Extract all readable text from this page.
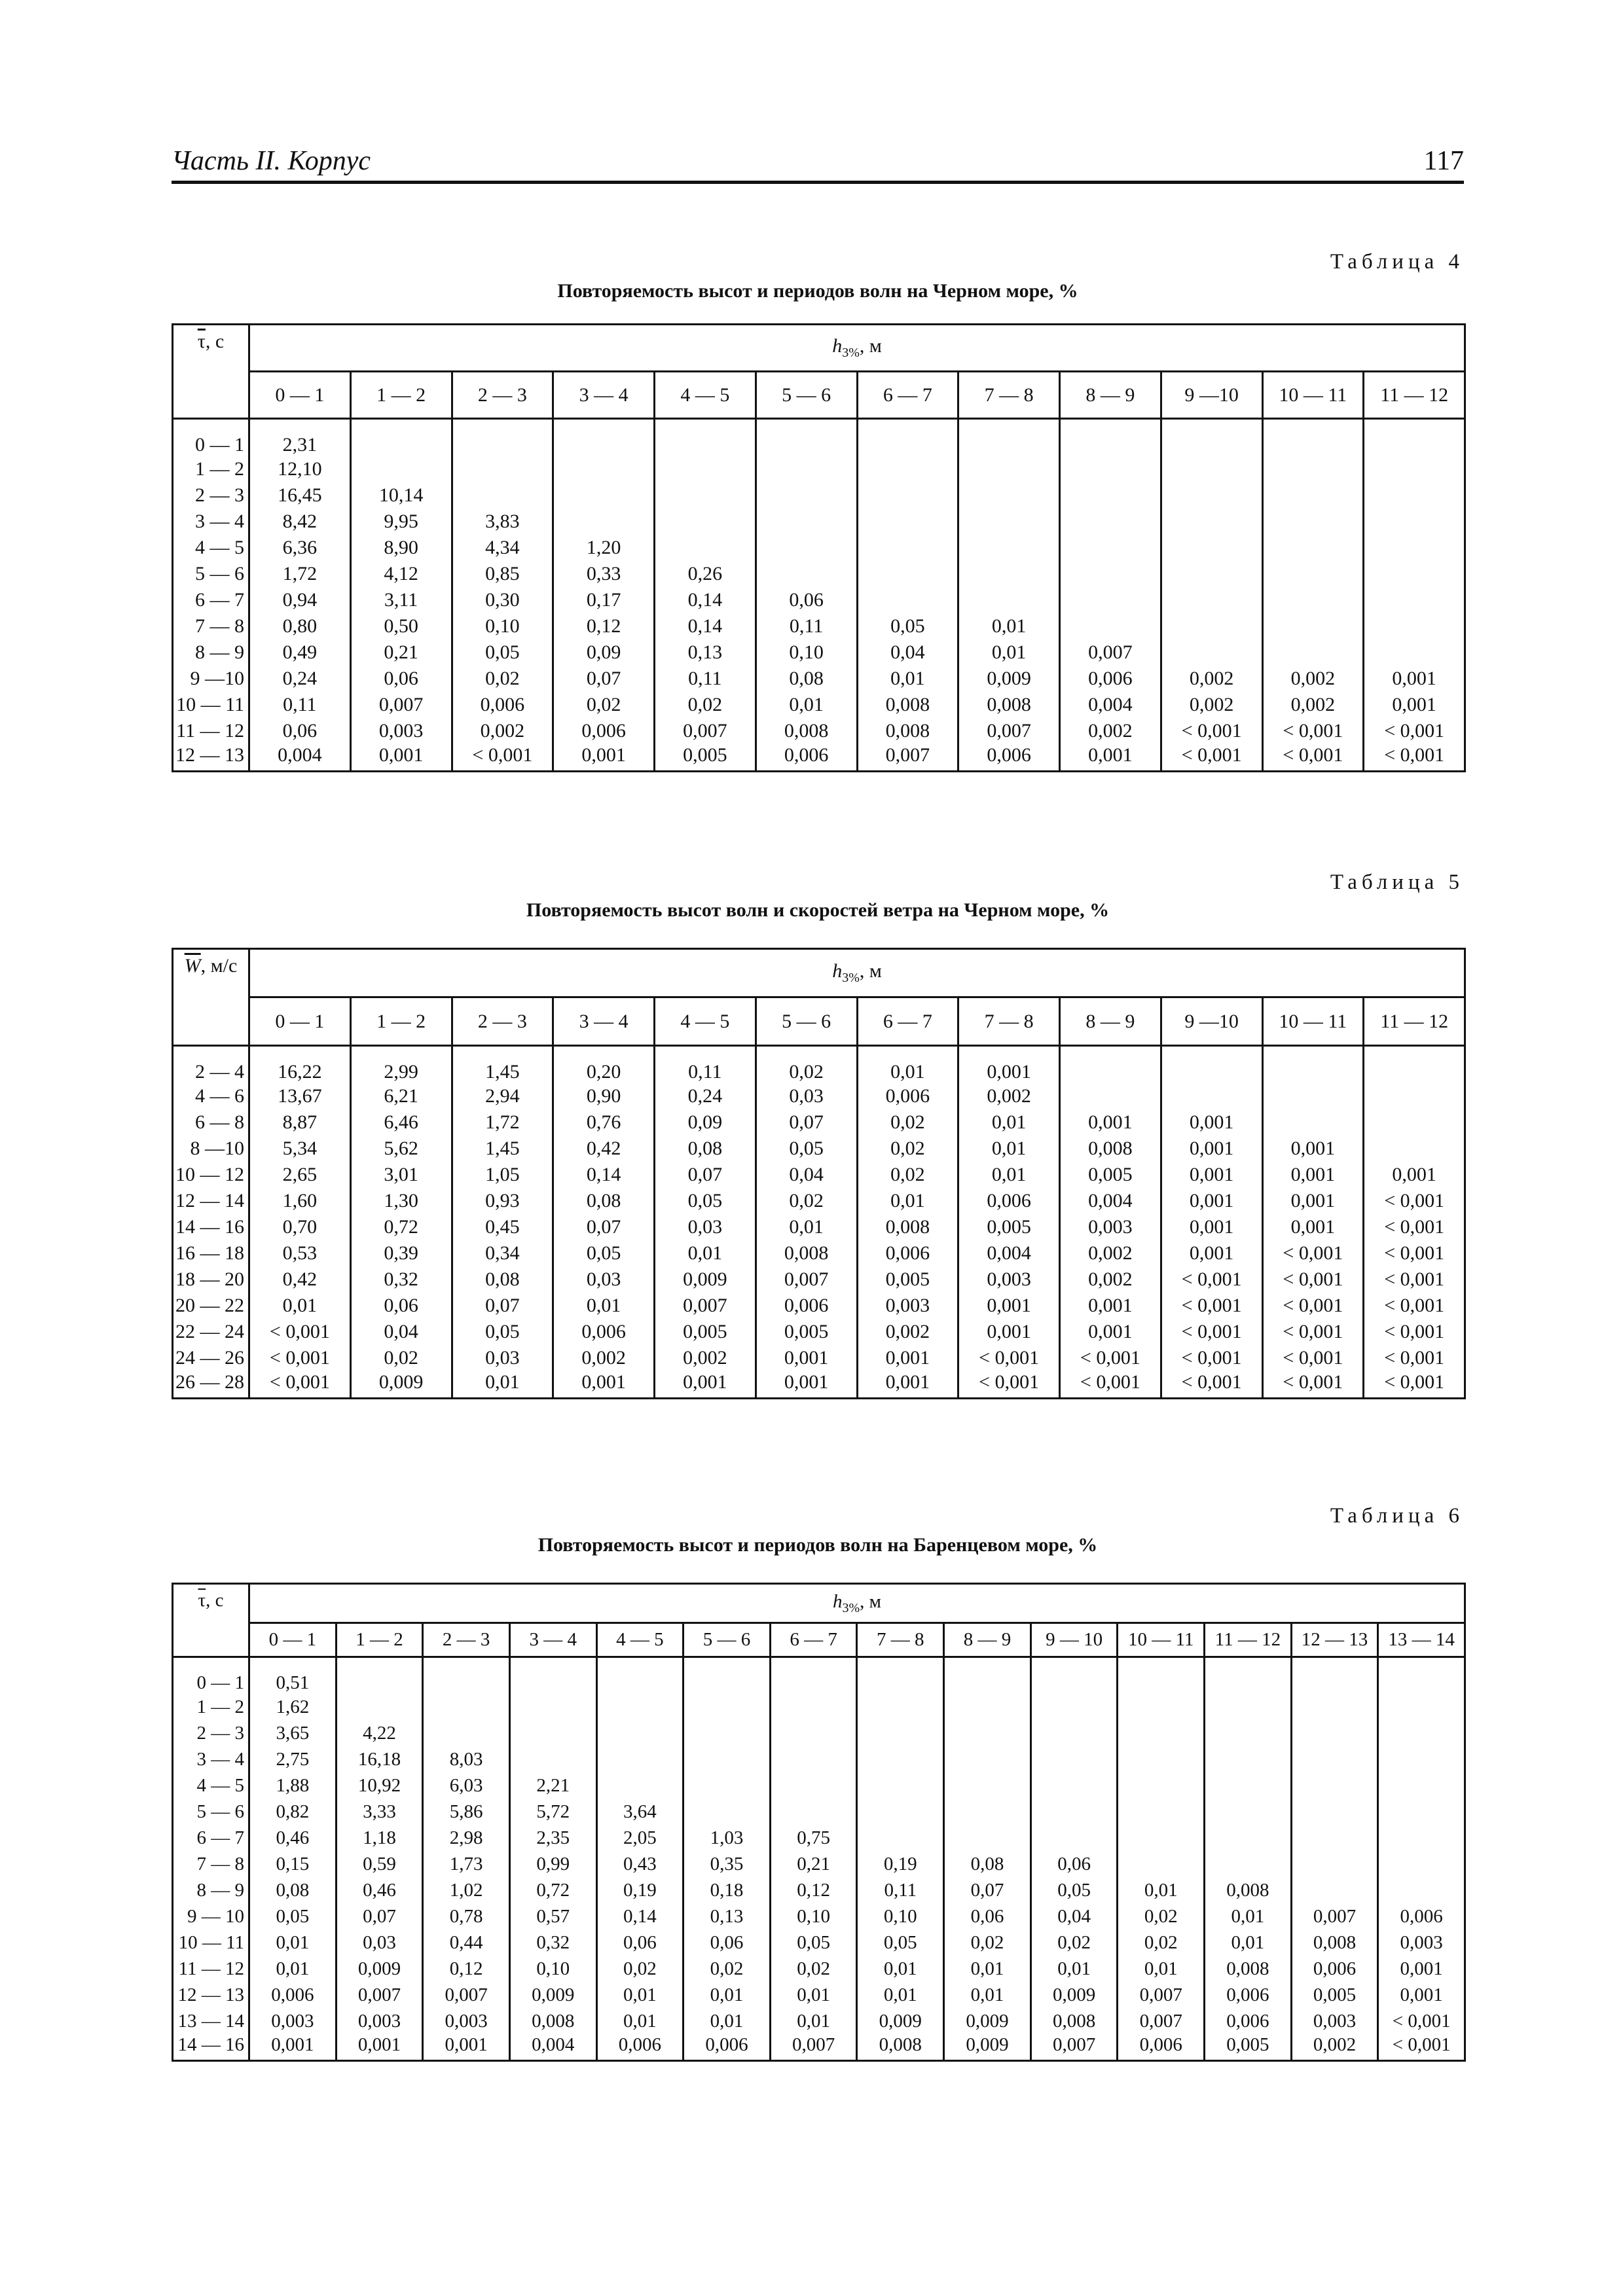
Часть II. Корпус	117
Таблица 4
Повторяемость высот и периодов волн на Черном море, %
$\overline{\tau}$, с	$h_{3\%}$, м											
	0 — 1	1 — 2	2 — 3	3 — 4	4 — 5	5 — 6	6 — 7	7 — 8	8 — 9	9 —10	10 — 11	11 — 12
0 — 1	2,31											
1 — 2	12,10											
2 — 3	16,45	10,14										
3 — 4	8,42	9,95	3,83									
4 — 5	6,36	8,90	4,34	1,20								
5 — 6	1,72	4,12	0,85	0,33	0,26							
6 — 7	0,94	3,11	0,30	0,17	0,14	0,06						
7 — 8	0,80	0,50	0,10	0,12	0,14	0,11	0,05	0,01				
8 — 9	0,49	0,21	0,05	0,09	0,13	0,10	0,04	0,01	0,007			
9 —10	0,24	0,06	0,02	0,07	0,11	0,08	0,01	0,009	0,006	0,002	0,002	0,001
10 — 11	0,11	0,007	0,006	0,02	0,02	0,01	0,008	0,008	0,004	0,002	0,002	0,001
11 — 12	0,06	0,003	0,002	0,006	0,007	0,008	0,008	0,007	0,002	< 0,001	< 0,001	< 0,001
12 — 13	0,004	0,001	< 0,001	0,001	0,005	0,006	0,007	0,006	0,001	< 0,001	< 0,001	< 0,001
Таблица 5
Повторяемость высот волн и скоростей ветра на Черном море, %
$\overline{W}$, м/с	$h_{3\%}$, м											
	0 — 1	1 — 2	2 — 3	3 — 4	4 — 5	5 — 6	6 — 7	7 — 8	8 — 9	9 —10	10 — 11	11 — 12
2 — 4	16,22	2,99	1,45	0,20	0,11	0,02	0,01	0,001				
4 — 6	13,67	6,21	2,94	0,90	0,24	0,03	0,006	0,002				
6 — 8	8,87	6,46	1,72	0,76	0,09	0,07	0,02	0,01	0,001	0,001		
8 —10	5,34	5,62	1,45	0,42	0,08	0,05	0,02	0,01	0,008	0,001	0,001	
10 — 12	2,65	3,01	1,05	0,14	0,07	0,04	0,02	0,01	0,005	0,001	0,001	0,001
12 — 14	1,60	1,30	0,93	0,08	0,05	0,02	0,01	0,006	0,004	0,001	0,001	< 0,001
14 — 16	0,70	0,72	0,45	0,07	0,03	0,01	0,008	0,005	0,003	0,001	0,001	< 0,001
16 — 18	0,53	0,39	0,34	0,05	0,01	0,008	0,006	0,004	0,002	0,001	< 0,001	< 0,001
18 — 20	0,42	0,32	0,08	0,03	0,009	0,007	0,005	0,003	0,002	< 0,001	< 0,001	< 0,001
20 — 22	0,01	0,06	0,07	0,01	0,007	0,006	0,003	0,001	0,001	< 0,001	< 0,001	< 0,001
22 — 24	< 0,001	0,04	0,05	0,006	0,005	0,005	0,002	0,001	0,001	< 0,001	< 0,001	< 0,001
24 — 26	< 0,001	0,02	0,03	0,002	0,002	0,001	0,001	< 0,001	< 0,001	< 0,001	< 0,001	< 0,001
26 — 28	< 0,001	0,009	0,01	0,001	0,001	0,001	0,001	< 0,001	< 0,001	< 0,001	< 0,001	< 0,001
Таблица 6
Повторяемость высот и периодов волн на Баренцевом море, %
$\overline{\tau}$, с	$h_{3\%}$, м													
	0 — 1	1 — 2	2 — 3	3 — 4	4 — 5	5 — 6	6 — 7	7 — 8	8 — 9	9 — 10	10 — 11	11 — 12	12 — 13	13 — 14
0 — 1	0,51													
1 — 2	1,62													
2 — 3	3,65	4,22												
3 — 4	2,75	16,18	8,03											
4 — 5	1,88	10,92	6,03	2,21										
5 — 6	0,82	3,33	5,86	5,72	3,64									
6 — 7	0,46	1,18	2,98	2,35	2,05	1,03	0,75							
7 — 8	0,15	0,59	1,73	0,99	0,43	0,35	0,21	0,19	0,08	0,06				
8 — 9	0,08	0,46	1,02	0,72	0,19	0,18	0,12	0,11	0,07	0,05	0,01	0,008		
9 — 10	0,05	0,07	0,78	0,57	0,14	0,13	0,10	0,10	0,06	0,04	0,02	0,01	0,007	0,006
10 — 11	0,01	0,03	0,44	0,32	0,06	0,06	0,05	0,05	0,02	0,02	0,02	0,01	0,008	0,003
11 — 12	0,01	0,009	0,12	0,10	0,02	0,02	0,02	0,01	0,01	0,01	0,01	0,008	0,006	0,001
12 — 13	0,006	0,007	0,007	0,009	0,01	0,01	0,01	0,01	0,01	0,009	0,007	0,006	0,005	0,001
13 — 14	0,003	0,003	0,003	0,008	0,01	0,01	0,01	0,009	0,009	0,008	0,007	0,006	0,003	< 0,001
14 — 16	0,001	0,001	0,001	0,004	0,006	0,006	0,007	0,008	0,009	0,007	0,006	0,005	0,002	< 0,001
